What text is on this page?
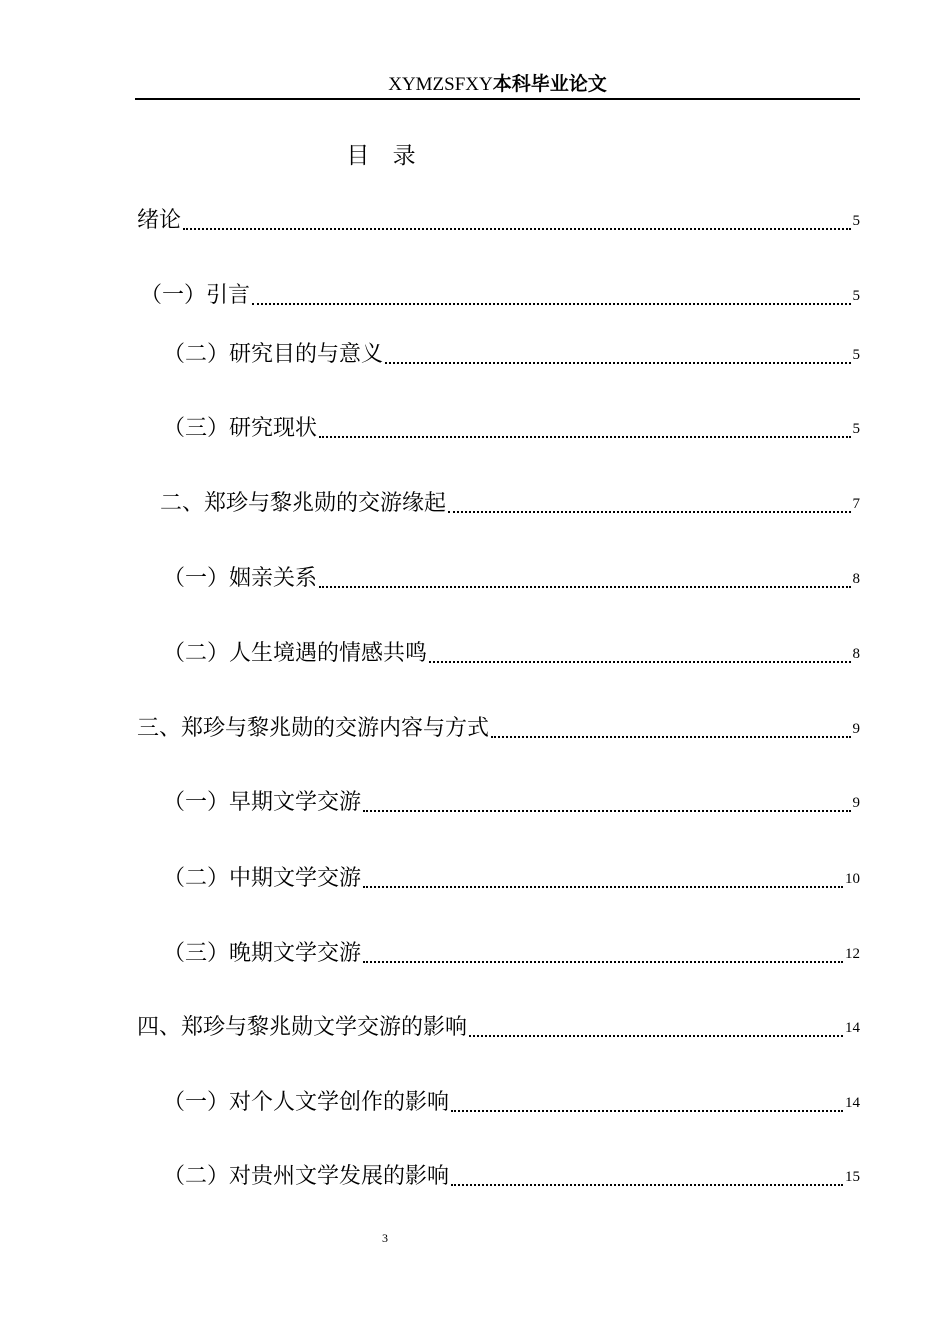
XYMZSFXY本科毕业论文
目 录
绪论	5
（一）引言	5
（二）研究目的与意义	5
（三）研究现状	5
二、郑珍与黎兆勋的交游缘起	7
（一）姻亲关系	8
（二）人生境遇的情感共鸣	8
三、郑珍与黎兆勋的交游内容与方式	9
（一）早期文学交游	9
（二）中期文学交游	10
（三）晚期文学交游	12
四、郑珍与黎兆勋文学交游的影响	14
（一）对个人文学创作的影响	14
（二）对贵州文学发展的影响	15
3
